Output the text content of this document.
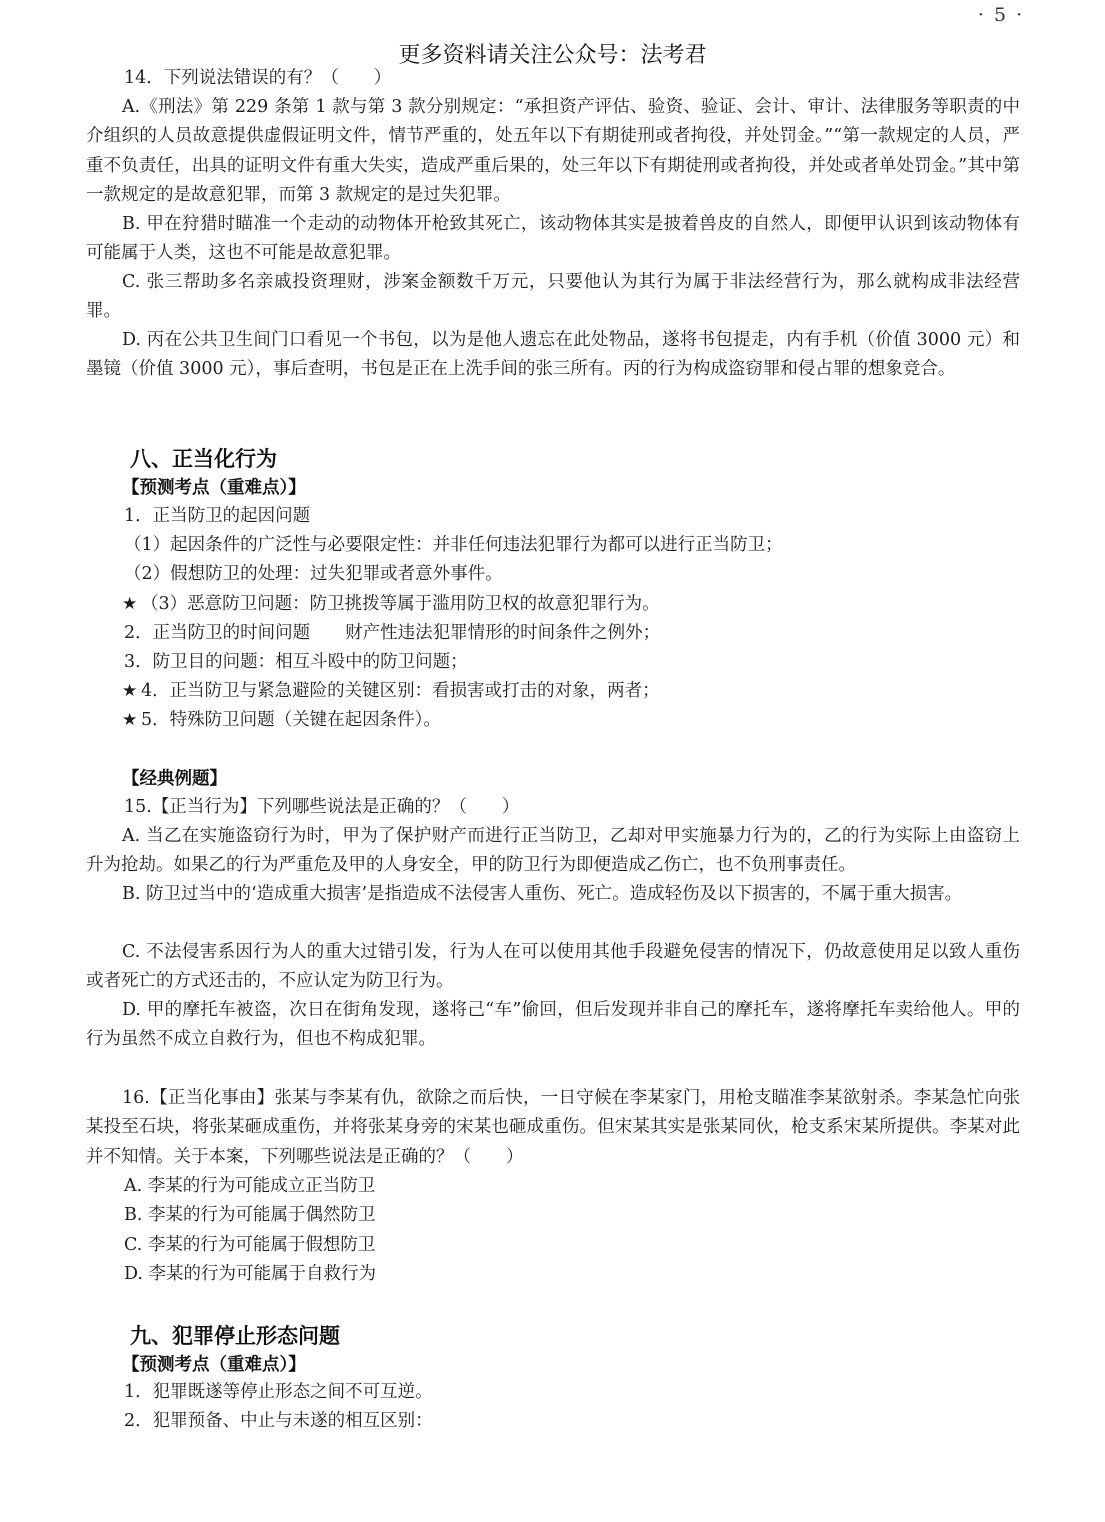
· 5 ·
更多资料请关注公众号：法考君
14．下列说法错误的有？（　　）
A.《刑法》第 229 条第 1 款与第 3 款分别规定：“承担资产评估、验资、验证、会计、审计、法律服务等职责的中介组织的人员故意提供虚假证明文件，情节严重的，处五年以下有期徒刑或者拘役，并处罚金。”“第一款规定的人员，严重不负责任，出具的证明文件有重大失实，造成严重后果的，处三年以下有期徒刑或者拘役，并处或者单处罚金。”其中第一款规定的是故意犯罪，而第 3 款规定的是过失犯罪。
B. 甲在狩猎时瞄准一个走动的动物体开枪致其死亡，该动物体其实是披着兽皮的自然人，即便甲认识到该动物体有可能属于人类，这也不可能是故意犯罪。
C. 张三帮助多名亲戚投资理财，涉案金额数千万元，只要他认为其行为属于非法经营行为，那么就构成非法经营罪。
D. 丙在公共卫生间门口看见一个书包，以为是他人遗忘在此处物品，遂将书包提走，内有手机（价值 3000 元）和墨镜（价值 3000 元），事后查明，书包是正在上洗手间的张三所有。丙的行为构成盗窃罪和侵占罪的想象竞合。
八、正当化行为
【预测考点（重难点）】
1．正当防卫的起因问题
（1）起因条件的广泛性与必要限定性：并非任何违法犯罪行为都可以进行正当防卫；
（2）假想防卫的处理：过失犯罪或者意外事件。
★ （3）恶意防卫问题：防卫挑拨等属于滥用防卫权的故意犯罪行为。
2．正当防卫的时间问题　　财产性违法犯罪情形的时间条件之例外；
3．防卫目的问题：相互斗殴中的防卫问题；
★ 4．正当防卫与紧急避险的关键区别：看损害或打击的对象，两者；
★ 5．特殊防卫问题（关键在起因条件）。
【经典例题】
15.【正当行为】下列哪些说法是正确的？（　　）
A. 当乙在实施盗窃行为时，甲为了保护财产而进行正当防卫，乙却对甲实施暴力行为的，乙的行为实际上由盗窃上升为抢劫。如果乙的行为严重危及甲的人身安全，甲的防卫行为即便造成乙伤亡，也不负刑事责任。
B. 防卫过当中的‘造成重大损害’是指造成不法侵害人重伤、死亡。造成轻伤及以下损害的，不属于重大损害。
C. 不法侵害系因行为人的重大过错引发，行为人在可以使用其他手段避免侵害的情况下，仍故意使用足以致人重伤或者死亡的方式还击的，不应认定为防卫行为。
D. 甲的摩托车被盗，次日在街角发现，遂将己“车”偷回，但后发现并非自己的摩托车，遂将摩托车卖给他人。甲的行为虽然不成立自救行为，但也不构成犯罪。
16.【正当化事由】张某与李某有仇，欲除之而后快，一日守候在李某家门，用枪支瞄准李某欲射杀。李某急忙向张某投至石块，将张某砸成重伤，并将张某身旁的宋某也砸成重伤。但宋某其实是张某同伙，枪支系宋某所提供。李某对此并不知情。关于本案，下列哪些说法是正确的？（　　）
A. 李某的行为可能成立正当防卫
B. 李某的行为可能属于偶然防卫
C. 李某的行为可能属于假想防卫
D. 李某的行为可能属于自救行为
九、犯罪停止形态问题
【预测考点（重难点）】
1．犯罪既遂等停止形态之间不可互逆。
2．犯罪预备、中止与未遂的相互区别：
